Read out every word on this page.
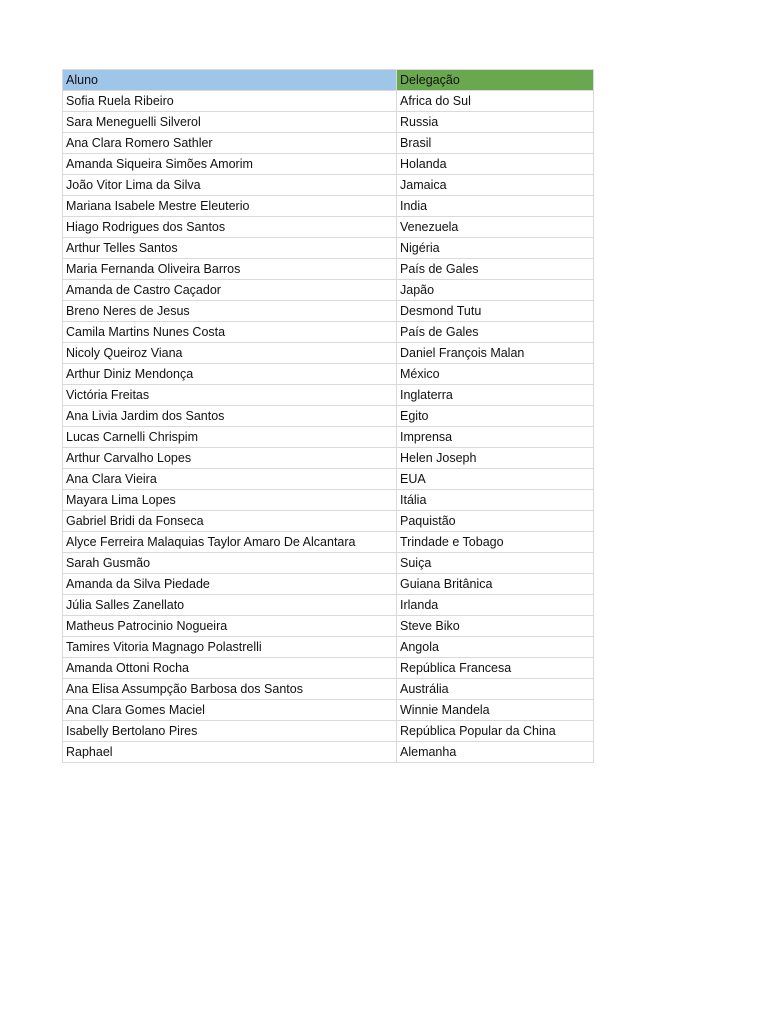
Aluno	Delegação
Sofia Ruela Ribeiro	Africa do Sul
Sara Meneguelli Silverol	Russia
Ana Clara Romero Sathler	Brasil
Amanda Siqueira Simões Amorim	Holanda
João Vitor Lima da Silva	Jamaica
Mariana Isabele Mestre Eleuterio	India
Hiago Rodrigues dos Santos	Venezuela
Arthur Telles Santos	Nigéria
Maria Fernanda Oliveira Barros	País de Gales
Amanda de Castro Caçador	Japão
Breno Neres de Jesus	Desmond Tutu
Camila Martins Nunes Costa	País de Gales
Nicoly Queiroz Viana	Daniel François Malan
Arthur Diniz Mendonça	México
Victória Freitas	Inglaterra
Ana Livia Jardim dos Santos	Egito
Lucas Carnelli Chrispim	Imprensa
Arthur Carvalho Lopes	Helen Joseph
Ana Clara Vieira	EUA
Mayara Lima Lopes	Itália
Gabriel Bridi da Fonseca	Paquistão
Alyce Ferreira Malaquias Taylor Amaro De Alcantara	Trindade e Tobago
Sarah Gusmão	Suiça
Amanda da Silva Piedade	Guiana Britânica
Júlia Salles Zanellato	Irlanda
Matheus Patrocinio Nogueira	Steve Biko
Tamires Vitoria Magnago Polastrelli	Angola
Amanda Ottoni Rocha	República Francesa
Ana Elisa Assumpção Barbosa dos Santos	Austrália
Ana Clara Gomes Maciel	Winnie Mandela
Isabelly Bertolano Pires	República Popular da China
Raphael	Alemanha
